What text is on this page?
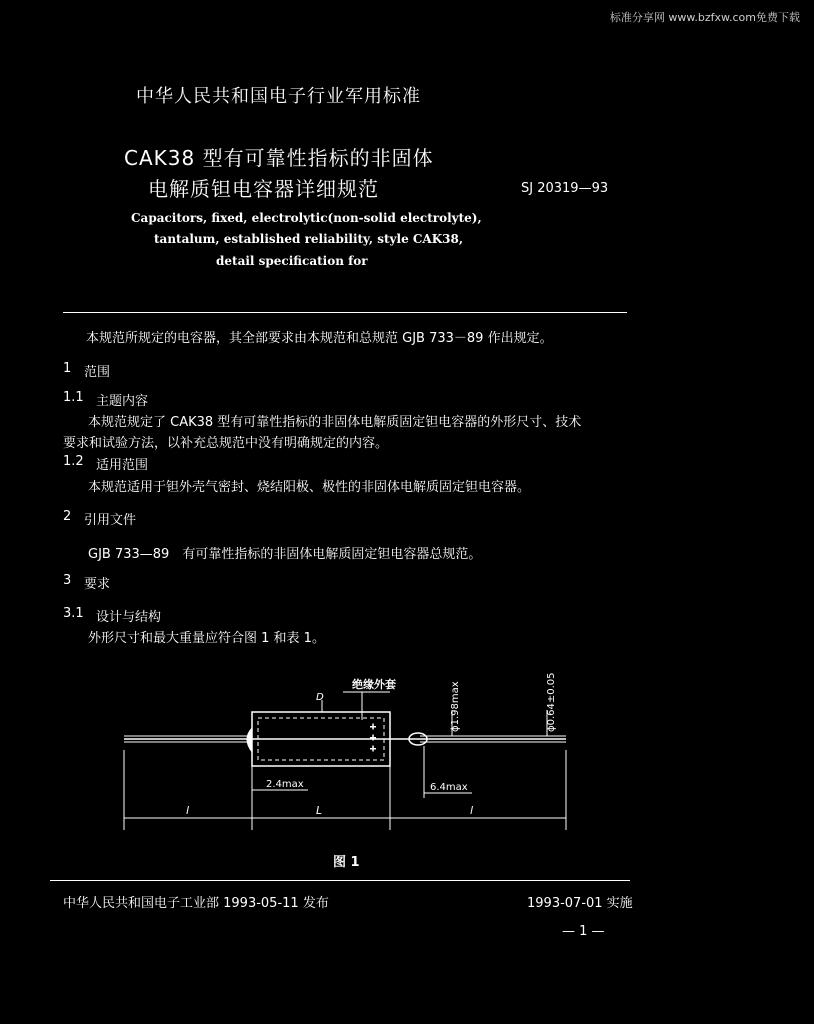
标准分享网 www.bzfxw.com免费下载
中华人民共和国电子行业军用标准
CAK38 型有可靠性指标的非固体
电解质钽电容器详细规范	SJ 20319—93
Capacitors, fixed, electrolytic(non-solid electrolyte),
tantalum, established reliability, style CAK38,
detail specification for
本规范所规定的电容器，其全部要求由本规范和总规范 GJB 733－89 作出规定。
1 范围
1.1 主题内容
本规范规定了 CAK38 型有可靠性指标的非固体电解质固定钽电容器的外形尺寸、技术
要求和试验方法，以补充总规范中没有明确规定的内容。
1.2 适用范围
本规范适用于钽外壳气密封、烧结阳极、极性的非固体电解质固定钽电容器。
2 引用文件
GJB 733—89　有可靠性指标的非固体电解质固定钽电容器总规范。
3 要求
3.1 设计与结构
外形尺寸和最大重量应符合图 1 和表 1。
绝缘外套
D	ϕ1.98max	ϕ0.64±0.05
2.4max	6.4max
l	L	l
图 1
中华人民共和国电子工业部 1993-05-11 发布	1993-07-01 实施
— 1 —
